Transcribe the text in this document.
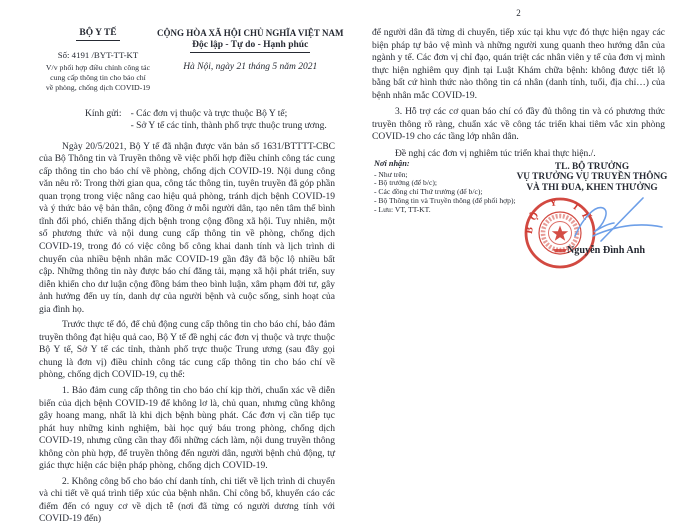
BỘ Y TẾ
Số: 4191 /BYT-TT-KT
V/v phối hợp điều chỉnh công tác
cung cấp thông tin cho báo chí
về phòng, chống dịch COVID-19
CỘNG HÒA XÃ HỘI CHỦ NGHĨA VIỆT NAM
Độc lập - Tự do - Hạnh phúc
Hà Nội, ngày 21 tháng 5 năm 2021
Kính gửi: - Các đơn vị thuộc và trực thuộc Bộ Y tế;
- Sở Y tế các tỉnh, thành phố trực thuộc trung ương.

Ngày 20/5/2021, Bộ Y tế đã nhận được văn bản số 1631/BTTTT-CBC của Bộ Thông tin và Truyền thông về việc phối hợp điều chỉnh công tác cung cấp thông tin cho báo chí về phòng, chống dịch COVID-19. Nội dung công văn nêu rõ: Trong thời gian qua, công tác thông tin, tuyên truyền đã góp phần quan trọng trong việc nâng cao hiệu quả phòng, tránh dịch bệnh COVID-19 và ý thức bảo vệ bản thân, cộng đồng ở mỗi người dân, tạo nên tâm thế bình tĩnh đối phó, chiến thắng dịch bệnh trong cộng đồng xã hội. Tuy nhiên, một số phương thức và nội dung cung cấp thông tin về phòng, chống dịch COVID-19, trong đó có việc công bố công khai danh tính và lịch trình di chuyển của nhiều bệnh nhân mắc COVID-19 gần đây đã bộc lộ nhiều bất cập. Những thông tin này được báo chí đăng tải, mạng xã hội phát triển, suy diễn khiến cho dư luận cộng đồng bám theo bình luận, xâm phạm đời tư, gây ảnh hưởng đến uy tín, danh dự của người bệnh và cuộc sống, sinh hoạt của gia đình họ.

Trước thực tế đó, để chủ động cung cấp thông tin cho báo chí, bảo đảm truyền thông đạt hiệu quả cao, Bộ Y tế đề nghị các đơn vị thuộc và trực thuộc Bộ Y tế, Sở Y tế các tỉnh, thành phố trực thuộc Trung ương (sau đây gọi chung là đơn vị) điều chỉnh công tác cung cấp thông tin cho báo chí về phòng, chống dịch COVID-19, cụ thể:

1. Bảo đảm cung cấp thông tin cho báo chí kịp thời, chuẩn xác về diễn biến của dịch bệnh COVID-19 để không lơ là, chủ quan, nhưng cũng không gây hoang mang, nhất là khi dịch bệnh bùng phát. Các đơn vị cần tiếp tục phát huy những kinh nghiệm, bài học quý báu trong phòng, chống dịch COVID-19, nhưng cũng cần thay đổi những cách làm, nội dung truyền thông không còn phù hợp, để truyền thông đến người dân, người bệnh chủ động, tự giác thực hiện các biện pháp phòng, chống dịch COVID-19.

2. Không công bố cho báo chí danh tính, chi tiết về lịch trình di chuyển và chi tiết về quá trình tiếp xúc của bệnh nhân. Chỉ công bố, khuyến cáo các điểm đến có nguy cơ về dịch tễ (nơi đã từng có người dương tính với COVID-19 đến)

2

để người dân đã từng di chuyển, tiếp xúc tại khu vực đó thực hiện ngay các biện pháp tự bảo vệ mình và những người xung quanh theo hướng dẫn của ngành y tế. Các đơn vị chỉ đạo, quán triệt các nhân viên y tế của đơn vị mình thực hiện nghiêm quy định tại Luật Khám chữa bệnh: không được tiết lộ bằng bất cứ hình thức nào thông tin cá nhân (danh tính, tuổi, địa chỉ…) của bệnh nhân mắc COVID-19.

3. Hỗ trợ các cơ quan báo chí có đầy đủ thông tin và có phương thức truyền thông rõ ràng, chuẩn xác về công tác triển khai tiêm vắc xin phòng COVID-19 cho các tầng lớp nhân dân.

Đề nghị các đơn vị nghiêm túc triển khai thực hiện./.

Nơi nhận:
- Như trên;
- Bộ trưởng (để b/c);
- Các đồng chí Thứ trưởng (để b/c);
- Bộ Thông tin và Truyền thông (để phối hợp);
- Lưu: VT, TT-KT.
TL. BỘ TRƯỞNG
VỤ TRƯỞNG VỤ TRUYỀN THÔNG
VÀ THI ĐUA, KHEN THƯỞNG
BỘ Y TẾ
Nguyễn Đình Anh
